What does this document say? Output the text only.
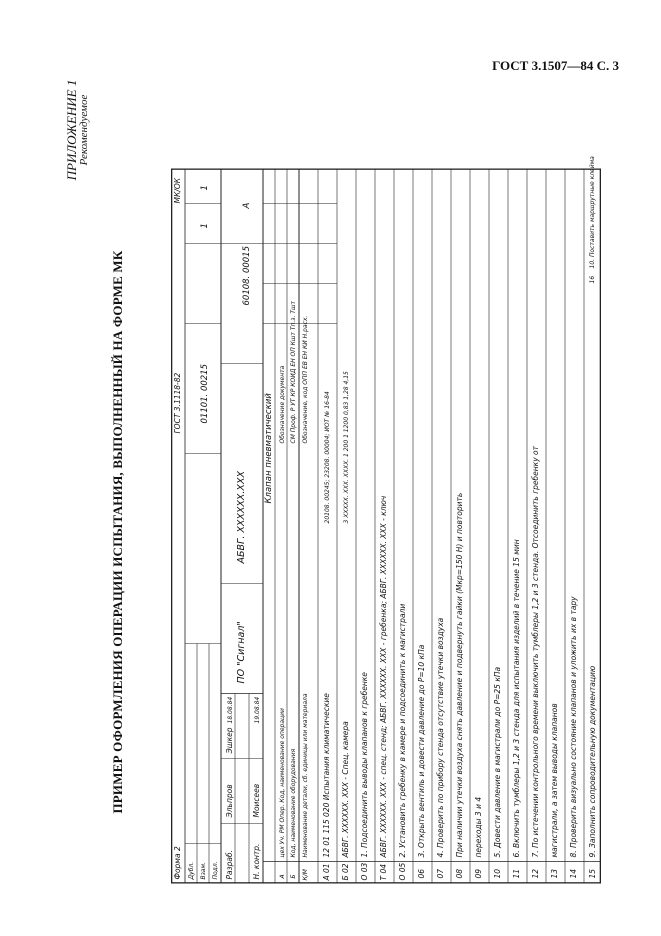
ГОСТ 3.1507—84 С. 3
ПРИЛОЖЕНИЕ 1 Рекомендуемое
ПРИМЕР ОФОРМЛЕНИЯ ОПЕРАЦИИ ИСПЫТАНИЯ, ВЫПОЛНЕННЫЙ НА ФОРМЕ МК
Форма 2
ГОСТ 3.1118-82
Дубл. Взам. Подл.
01101. 00215
1
1
60108. 00015
А
Разраб.
Эльпров
Эшкер
18.08.84
Н. контр.
Моисеев
19.08.84
ПО "Сигнал"
АБВГ. ХХХХХХ.ХХХ
Клапан пневматический
А
цех Уч. РМ Опер. Код, наименование операции
Обозначение документа
Б
Код, наименование оборудования
СМ Проф. Р УТ КР КОИД ЕН ОП Кшт Тп.з. Тшт
К/М
Наименование детали, сб. единицы или материала
Обозначение, код ОПП ЕВ ЕН КИ Н.расх.
А 01
12 01 115 020 Испытания климатические
20108. 00245; 23208. 00004; ИОТ № 16-84
Б 02
АБВГ. ХХХХХХ. ХХХ - Спец. камера
3 ХХХХХ. ХХХ. ХХХХ. 1 200 1 1200 0,83 1,28 4,15
О 03
1. Подсоединить выводы клапанов к гребенке
Т 04
АБВГ. ХХХХХХ. ХХХ - спец. стенд; АБВГ. ХХХХХХ. ХХХ - гребенка; АБВГ. ХХХХХХ. ХХХ - ключ
О 05
2. Установить гребенку в камере и подсоединить к магистрали
06
3. Открыть вентиль и довести давление до Р=10 кПа
07
4. Проверить по прибору стенда отсутствие утечки воздуха
08
При наличии утечки воздуха снять давление и подвернуть гайки (Мкр=150 Н) и повторить
09
переходы 3 и 4
10
5. Довести давление в магистрали до Р=25 кПа
11
6. Включить тумблеры 1,2 и 3 стенда для испытания изделий в течение 15 мин
12
7. По истечении контрольного времени выключить тумблеры 1,2 и 3 стенда. Отсоединить гребенку от
13
магистрали, а затем выводы клапанов
14
8. Проверить визуально состояние клапанов и уложить их в тару
15
9. Заполнить сопроводительную документацию
16
10. Поставить маршрутные клейма
МК/ОК
